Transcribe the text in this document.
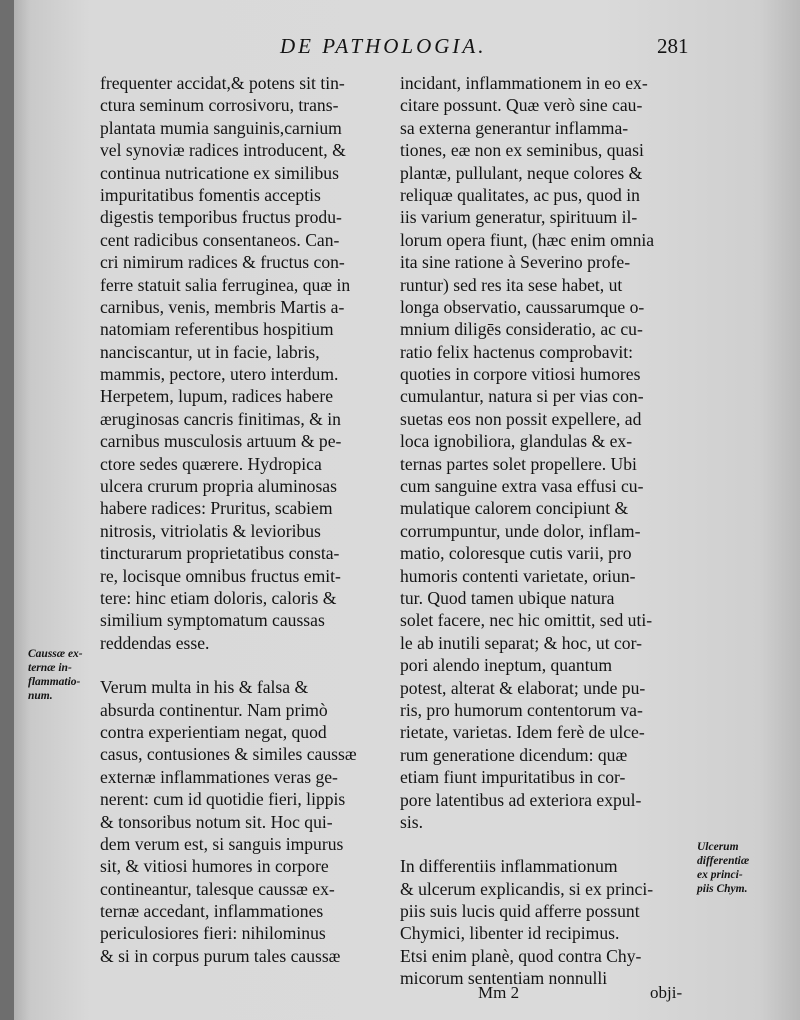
DE PATHOLOGIA.	281
frequenter accidat,& potens sit tin-
ctura seminum corrosivoru, trans-
plantata mumia sanguinis,carnium
vel synoviæ radices introducent, &
continua nutricatione ex similibus
impuritatibus fomentis acceptis
digestis temporibus fructus produ-
cent radicibus consentaneos. Can-
cri nimirum radices & fructus con-
ferre statuit salia ferruginea, quæ in
carnibus, venis, membris Martis a-
natomiam referentibus hospitium
nanciscantur, ut in facie, labris,
mammis, pectore, utero interdum.
Herpetem, lupum, radices habere
æruginosas cancris finitimas, & in
carnibus musculosis artuum & pe-
ctore sedes quærere. Hydropica
ulcera crurum propria aluminosas
habere radices: Pruritus, scabiem
nitrosis, vitriolatis & levioribus
tincturarum proprietatibus consta-
re, locisque omnibus fructus emit-
tere: hinc etiam doloris, caloris &
similium symptomatum caussas
reddendas esse.
Verum multa in his & falsa &
absurda continentur. Nam primò
contra experientiam negat, quod
casus, contusiones & similes caussæ
externæ inflammationes veras ge-
nerent: cum id quotidie fieri, lippis
& tonsoribus notum sit. Hoc qui-
dem verum est, si sanguis impurus
sit, & vitiosi humores in corpore
contineantur, talesque caussæ ex-
ternæ accedant, inflammationes
periculosiores fieri: nihilominus
& si in corpus purum tales caussæ
incidant, inflammationem in eo ex-
citare possunt. Quæ verò sine cau-
sa externa generantur inflamma-
tiones, eæ non ex seminibus, quasi
plantæ, pullulant, neque colores &
reliquæ qualitates, ac pus, quod in
iis varium generatur, spirituum il-
lorum opera fiunt, (hæc enim omnia
ita sine ratione à Severino profe-
runtur) sed res ita sese habet, ut
longa observatio, caussarumque o-
mnium diligēs consideratio, ac cu-
ratio felix hactenus comprobavit:
quoties in corpore vitiosi humores
cumulantur, natura si per vias con-
suetas eos non possit expellere, ad
loca ignobiliora, glandulas & ex-
ternas partes solet propellere. Ubi
cum sanguine extra vasa effusi cu-
mulatique calorem concipiunt &
corrumpuntur, unde dolor, inflam-
matio, coloresque cutis varii, pro
humoris contenti varietate, oriun-
tur. Quod tamen ubique natura
solet facere, nec hic omittit, sed uti-
le ab inutili separat; & hoc, ut cor-
pori alendo ineptum, quantum
potest, alterat & elaborat; unde pu-
ris, pro humorum contentorum va-
rietate, varietas. Idem ferè de ulce-
rum generatione dicendum: quæ
etiam fiunt impuritatibus in cor-
pore latentibus ad exteriora expul-
sis.
In differentiis inflammationum
& ulcerum explicandis, si ex princi-
piis suis lucis quid afferre possunt
Chymici, libenter id recipimus.
Etsi enim planè, quod contra Chy-
micorum sententiam nonnulli
Caussæ ex-
ternæ in-
flammatio-
num.
Ulcerum
differentiæ
ex princi-
piis Chym.
Mm 2	obji-
